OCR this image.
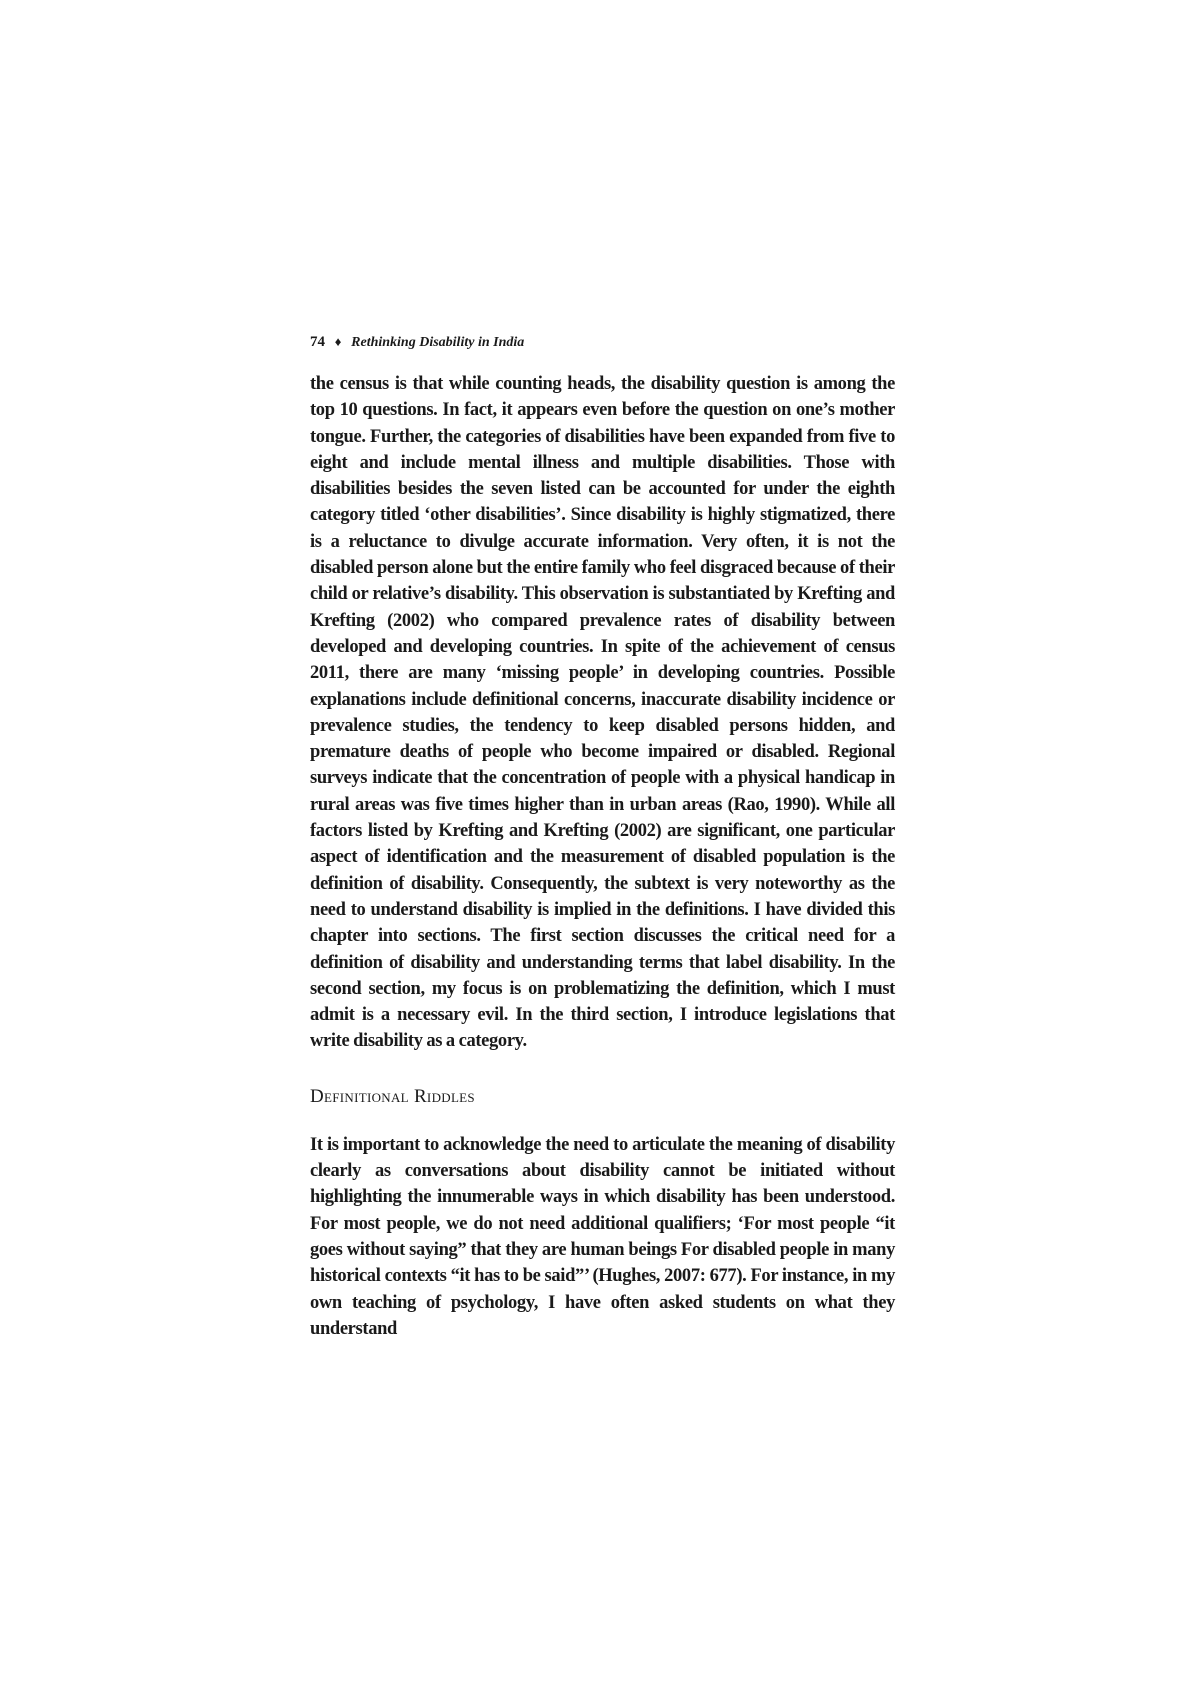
74 ♦ Rethinking Disability in India

the census is that while counting heads, the disability question is among the top 10 questions. In fact, it appears even before the question on one’s mother tongue. Further, the categories of disabilities have been expanded from five to eight and include mental illness and multiple disabilities. Those with disabilities besides the seven listed can be accounted for under the eighth category titled ‘other disabilities’. Since disability is highly stigmatized, there is a reluctance to divulge accurate information. Very often, it is not the disabled person alone but the entire family who feel disgraced because of their child or relative’s disability. This observation is substantiated by Krefting and Krefting (2002) who compared prevalence rates of disability between developed and developing countries. In spite of the achievement of census 2011, there are many ‘missing people’ in developing countries. Possible explanations include definitional concerns, inaccurate disability incidence or prevalence studies, the tendency to keep disabled persons hidden, and premature deaths of people who become impaired or disabled. Regional surveys indicate that the concentration of people with a physical handicap in rural areas was five times higher than in urban areas (Rao, 1990). While all factors listed by Krefting and Krefting (2002) are significant, one particular aspect of identification and the measurement of disabled population is the definition of disability. Consequently, the subtext is very noteworthy as the need to understand disability is implied in the definitions. I have divided this chapter into sections. The first section discusses the critical need for a definition of disability and understanding terms that label disability. In the second section, my focus is on problematizing the definition, which I must admit is a necessary evil. In the third section, I introduce legislations that write disability as a category.

Definitional Riddles

It is important to acknowledge the need to articulate the meaning of disability clearly as conversations about disability cannot be initiated without highlighting the innumerable ways in which disability has been understood. For most people, we do not need additional qualifiers; ‘For most people “it goes without saying” that they are human beings For disabled people in many historical contexts “it has to be said”’ (Hughes, 2007: 677). For instance, in my own teaching of psychology, I have often asked students on what they understand
